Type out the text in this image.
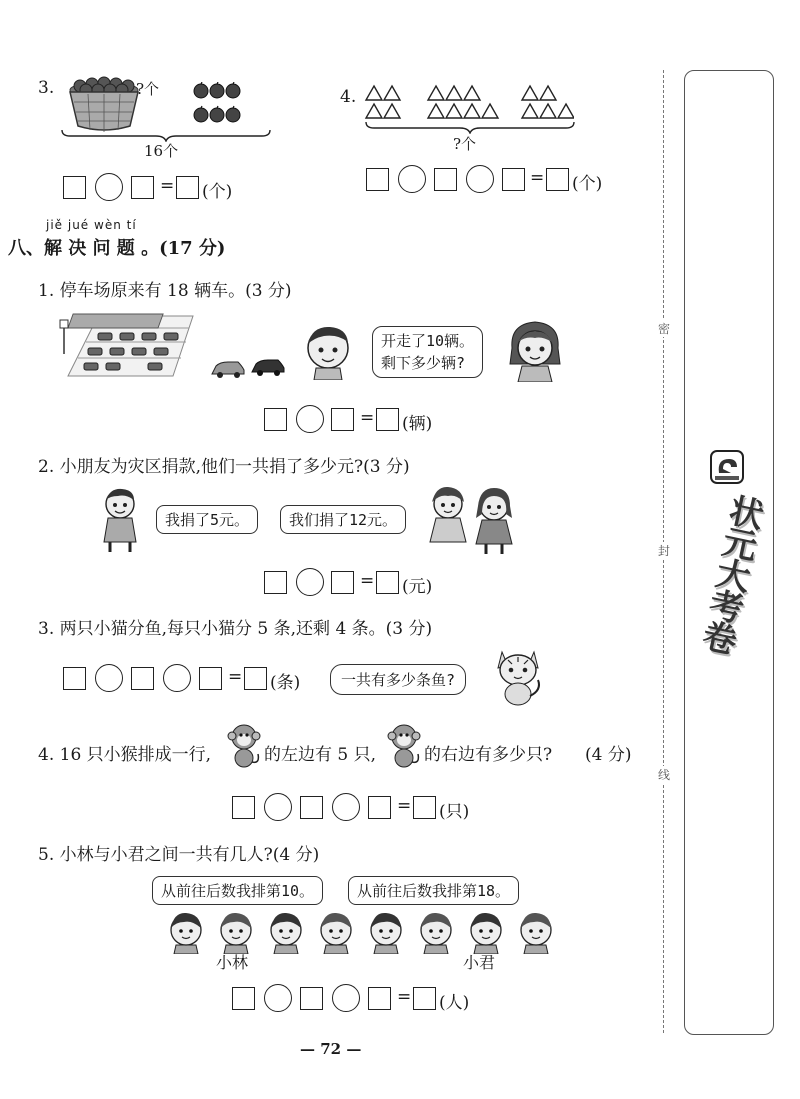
3.	?个
16个
= (个)
4.
?个
= (个)
jiě jué wèn tí
八、解 决 问 题 。(17 分)
1. 停车场原来有 18 辆车。(3 分)
开走了10辆。
剩下多少辆?
= (辆)
2. 小朋友为灾区捐款,他们一共捐了多少元?(3 分)
我捐了5元。	我们捐了12元。
= (元)
3. 两只小猫分鱼,每只小猫分 5 条,还剩 4 条。(3 分)
= (条)	一共有多少条鱼?
4. 16 只小猴排成一行,	的左边有 5 只,	的右边有多少只? (4 分)
= (只)
5. 小林与小君之间一共有几人?(4 分)
从前往后数我排第10。	从前往后数我排第18。
小林	小君
= (人)
— 72 —
密
封
线
状元大考卷
